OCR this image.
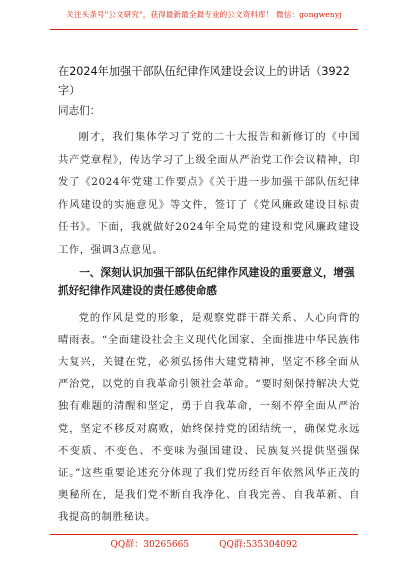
关注头条号"公文研究"，获得最新最全最专业的公文资料库！ 微信：gongwenyj

在2024年加强干部队伍纪律作风建设会议上的讲话（3922字）

同志们：

刚才，我们集体学习了党的二十大报告和新修订的《中国共产党章程》，传达学习了上级全面从严治党工作会议精神，印发了《2024年党建工作要点》《关于进一步加强干部队伍纪律作风建设的实施意见》等文件，签订了《党风廉政建设目标责任书》。下面，我就做好2024年全局党的建设和党风廉政建设工作，强调3点意见。

一、深刻认识加强干部队伍纪律作风建设的重要意义，增强抓好纪律作风建设的责任感使命感

党的作风是党的形象，是观察党群干群关系、人心向背的晴雨表。“全面建设社会主义现代化国家、全面推进中华民族伟大复兴，关键在党，必须弘扬伟大建党精神，坚定不移全面从严治党，以党的自我革命引领社会革命。“要时刻保持解决大党独有难题的清醒和坚定，勇于自我革命，一刻不停全面从严治党，坚定不移反对腐败，始终保持党的团结统一，确保党永远不变质、不变色、不变味为强国建设、民族复兴提供坚强保证。”这些重要论述充分体现了我们党历经百年依然风华正茂的奥秘所在，是我们党不断自我净化、自我完善、自我革新、自我提高的制胜秘诀。

QQ群：30265665	QQ群:535304092
